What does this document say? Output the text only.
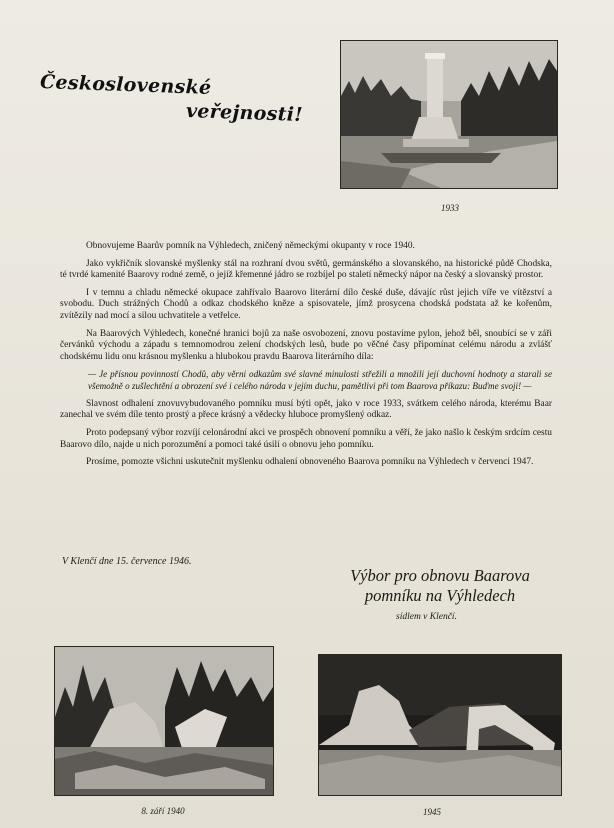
Československé
veřejnosti!
1933

Obnovujeme Baarův pomník na Výhledech, zničený německými okupanty v roce 1940.

Jako vykřičník slovanské myšlenky stál na rozhraní dvou světů, germánského a slovanského, na historické půdě Chodska, té tvrdé kamenité Baarovy rodné země, o jejíž křemenné jádro se rozbíjel po staletí německý nápor na český a slovanský prostor.

I v temnu a chladu německé okupace zahřívalo Baarovo literární dílo české duše, dávajíc růst jejich víře ve vítězství a svobodu. Duch strážných Chodů a odkaz chodského kněze a spisovatele, jímž prosycena chodská podstata až ke kořenům, zvítězily nad mocí a silou uchvatitele a vetřelce.

Na Baarových Výhledech, konečné hranici bojů za naše osvobození, znovu postavíme pylon, jehož běl, snoubící se v záři červánků východu a západu s temnomodrou zelení chodských lesů, bude po věčné časy připomínat celému národu a zvlášť chodskému lidu onu krásnou myšlenku a hlubokou pravdu Baarova literárního díla:

— Je přísnou povinností Chodů, aby věrni odkazům své slavné minulosti střežili a množili její duchovní hodnoty a starali se všemožně o zušlechtění a obrození své i celého národa v jejím duchu, pamětlivi při tom Baarova příkazu: Buďme svoji! —

Slavnost odhalení znovuvybudovaného pomníku musí býti opět, jako v roce 1933, svátkem celého národa, kterému Baar zanechal ve svém díle tento prostý a přece krásný a vědecky hluboce promyšlený odkaz.

Proto podepsaný výbor rozvíjí celonárodní akci ve prospěch obnovení pomníku a věří, že jako našlo k českým srdcím cestu Baarovo dílo, najde u nich porozumění a pomoci také úsilí o obnovu jeho pomníku.

Prosíme, pomozte všichni uskutečnit myšlenku odhalení obnoveného Baarova pomníku na Výhledech v červenci 1947.

V Klenčí dne 15. července 1946.
Výbor pro obnovu Baarova
pomníku na Výhledech
sídlem v Klenčí.
8. září 1940	1945
